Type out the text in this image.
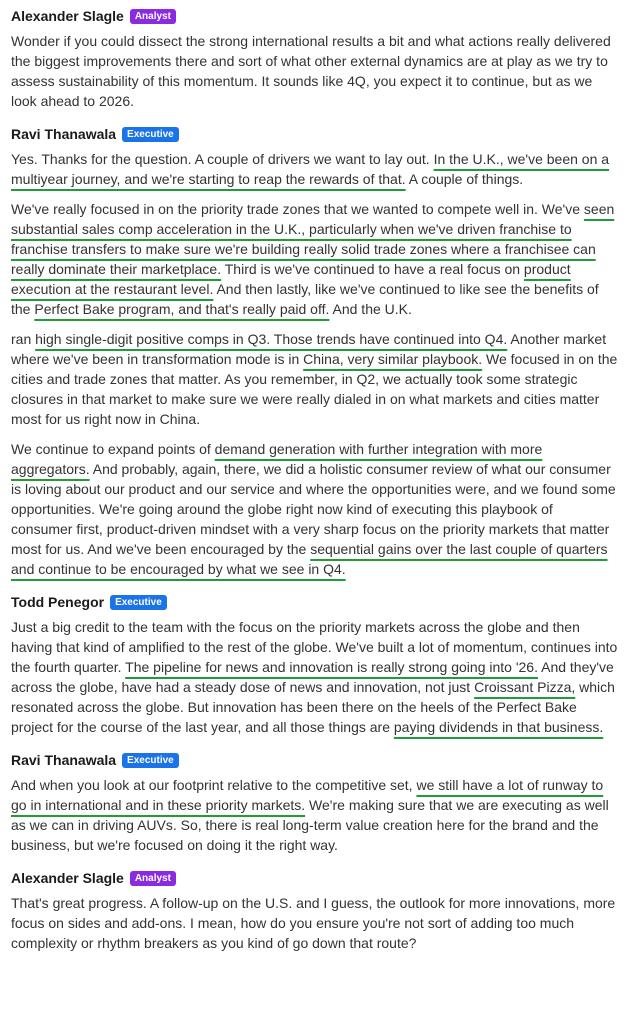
Alexander Slagle	Analyst

Wonder if you could dissect the strong international results a bit and what actions really delivered the biggest improvements there and sort of what other external dynamics are at play as we try to assess sustainability of this momentum. It sounds like 4Q, you expect it to continue, but as we look ahead to 2026.

Ravi Thanawala	Executive

Yes. Thanks for the question. A couple of drivers we want to lay out. In the U.K., we've been on a multiyear journey, and we're starting to reap the rewards of that. A couple of things.

We've really focused in on the priority trade zones that we wanted to compete well in. We've seen substantial sales comp acceleration in the U.K., particularly when we've driven franchise to franchise transfers to make sure we're building really solid trade zones where a franchisee can really dominate their marketplace. Third is we've continued to have a real focus on product execution at the restaurant level. And then lastly, like we've continued to like see the benefits of the Perfect Bake program, and that's really paid off. And the U.K.

ran high single-digit positive comps in Q3. Those trends have continued into Q4. Another market where we've been in transformation mode is in China, very similar playbook. We focused in on the cities and trade zones that matter. As you remember, in Q2, we actually took some strategic closures in that market to make sure we were really dialed in on what markets and cities matter most for us right now in China.

We continue to expand points of demand generation with further integration with more aggregators. And probably, again, there, we did a holistic consumer review of what our consumer is loving about our product and our service and where the opportunities were, and we found some opportunities. We're going around the globe right now kind of executing this playbook of consumer first, product-driven mindset with a very sharp focus on the priority markets that matter most for us. And we've been encouraged by the sequential gains over the last couple of quarters and continue to be encouraged by what we see in Q4.

Todd Penegor	Executive

Just a big credit to the team with the focus on the priority markets across the globe and then having that kind of amplified to the rest of the globe. We've built a lot of momentum, continues into the fourth quarter. The pipeline for news and innovation is really strong going into '26. And they've across the globe, have had a steady dose of news and innovation, not just Croissant Pizza, which resonated across the globe. But innovation has been there on the heels of the Perfect Bake project for the course of the last year, and all those things are paying dividends in that business.

Ravi Thanawala	Executive

And when you look at our footprint relative to the competitive set, we still have a lot of runway to go in international and in these priority markets. We're making sure that we are executing as well as we can in driving AUVs. So, there is real long-term value creation here for the brand and the business, but we're focused on doing it the right way.

Alexander Slagle	Analyst

That's great progress. A follow-up on the U.S. and I guess, the outlook for more innovations, more focus on sides and add-ons. I mean, how do you ensure you're not sort of adding too much complexity or rhythm breakers as you kind of go down that route?
